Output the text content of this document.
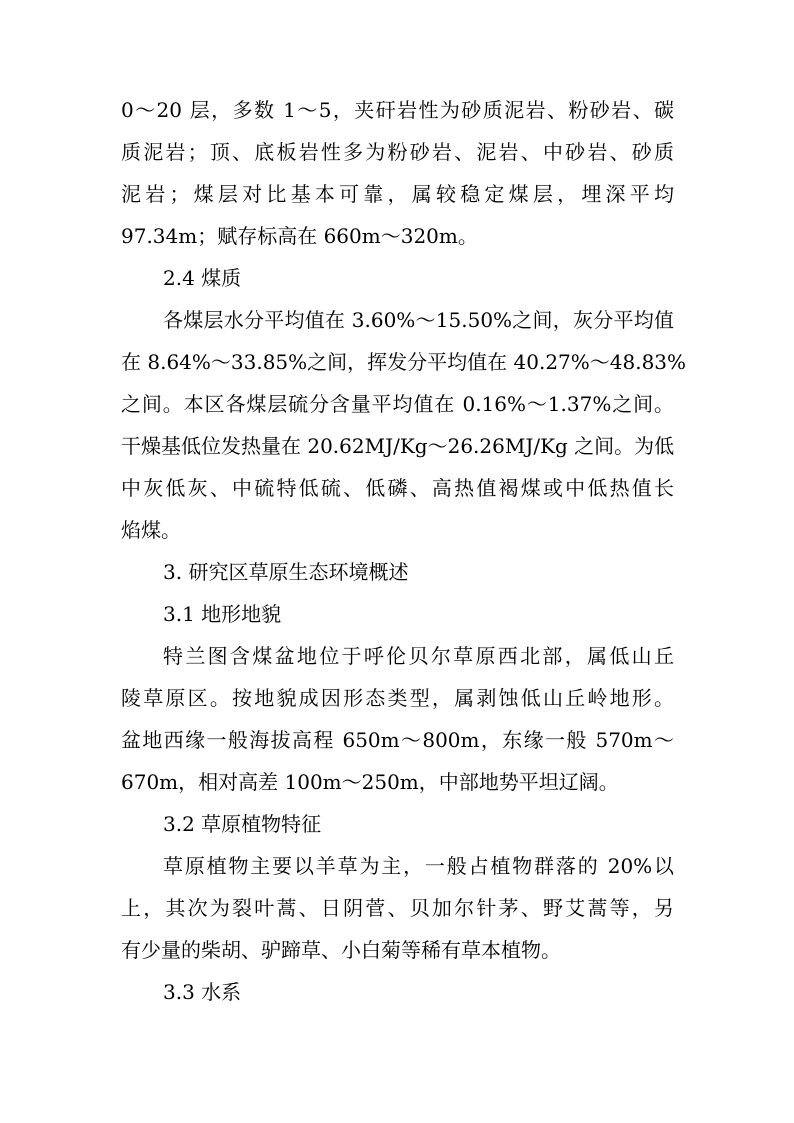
0～20 层，多数 1～5，夹矸岩性为砂质泥岩、粉砂岩、碳
质泥岩；顶、底板岩性多为粉砂岩、泥岩、中砂岩、砂质
泥岩；煤层对比基本可靠，属较稳定煤层，埋深平均
97.34m；赋存标高在 660m～320m。
2.4 煤质
各煤层水分平均值在 3.60%～15.50%之间，灰分平均值
在 8.64%～33.85%之间，挥发分平均值在 40.27%～48.83%
之间。本区各煤层硫分含量平均值在 0.16%～1.37%之间。
干燥基低位发热量在 20.62MJ/Kg～26.26MJ/Kg 之间。为低
中灰低灰、中硫特低硫、低磷、高热值褐煤或中低热值长
焰煤。
3. 研究区草原生态环境概述
3.1 地形地貌
特兰图含煤盆地位于呼伦贝尔草原西北部，属低山丘
陵草原区。按地貌成因形态类型，属剥蚀低山丘岭地形。
盆地西缘一般海拔高程 650m～800m，东缘一般 570m～
670m，相对高差 100m～250m，中部地势平坦辽阔。
3.2 草原植物特征
草原植物主要以羊草为主，一般占植物群落的 20%以
上，其次为裂叶蒿、日阴菅、贝加尔针茅、野艾蒿等，另
有少量的柴胡、驴蹄草、小白菊等稀有草本植物。
3.3 水系
